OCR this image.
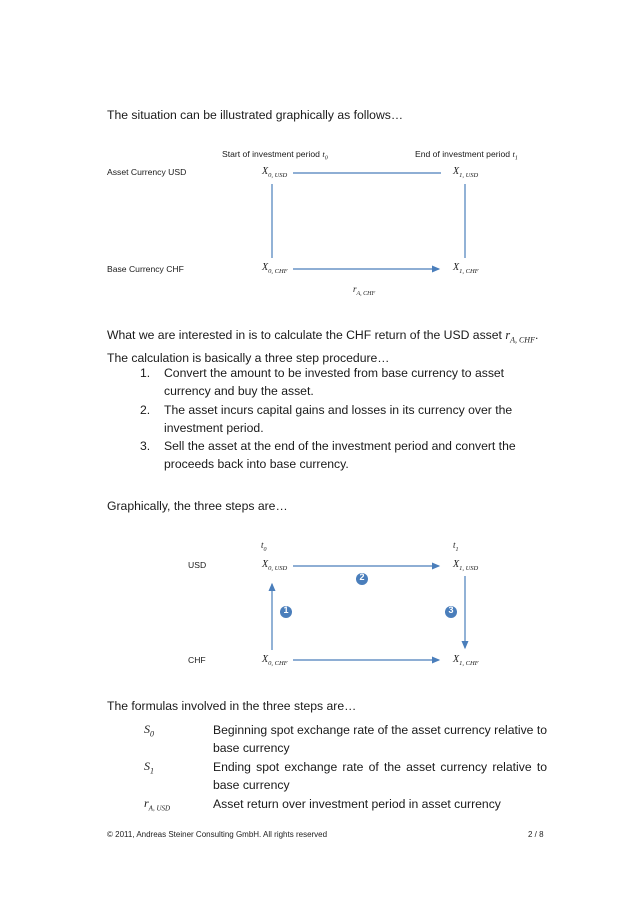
The situation can be illustrated graphically as follows…
Start of investment period $t_0$	End of investment period $t_1$
Asset Currency USD
Base Currency CHF
$X_{0, USD}$	$X_{1, USD}$
$X_{0, CHF}$	$X_{1, CHF}$
$r_{A, CHF}$
What we are interested in is to calculate the CHF return of the USD asset $r_{A, CHF}$. The calculation is basically a three step procedure…
1. Convert the amount to be invested from base currency to asset currency and buy the asset.
2. The asset incurs capital gains and losses in its currency over the investment period.
3. Sell the asset at the end of the investment period and convert the proceeds back into base currency.
Graphically, the three steps are…
1
2
3
$t_0$	$t_1$
USD
CHF
$X_{0, USD}$	$X_{1, USD}$
$X_{0, CHF}$	$X_{1, CHF}$
The formulas involved in the three steps are…
$S_0$	Beginning spot exchange rate of the asset currency relative to base currency
$S_1$	Ending spot exchange rate of the asset currency relative to base currency
$r_{A, USD}$	Asset return over investment period in asset currency
© 2011, Andreas Steiner Consulting GmbH. All rights reserved	2 / 8
